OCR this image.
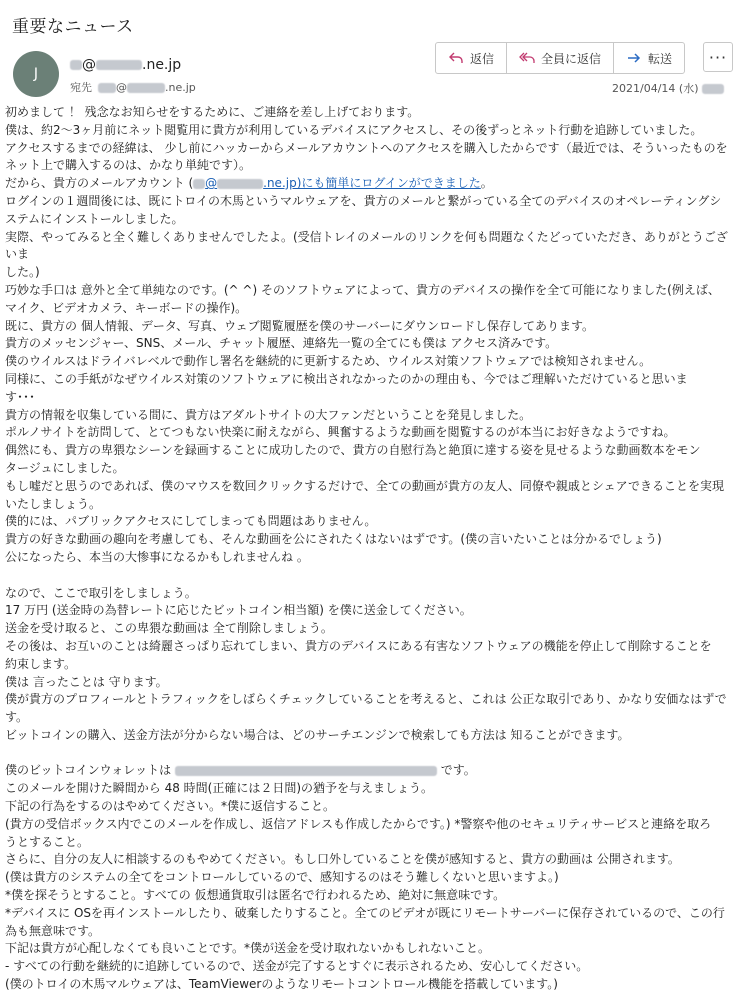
重要なニュース
J
@	.ne.jp
宛先 @	.ne.jp
返信	全員に返信	転送	···
2021/04/14 (水)

初めまして ！ 残念なお知らせをするために、ご連絡を差し上げております。

僕は、約2〜3ヶ月前にネット閲覧用に貴方が利用しているデバイスにアクセスし、その後ずっとネット行動を追跡していました。

アクセスするまでの経緯は、 少し前にハッカーからメールアカウントへのアクセスを購入したからです（最近では、そういったものを

ネット上で購入するのは、かなり単純です）。

だから、貴方のメールアカウント ( @	.ne.jp)にも簡単にログインができました。

ログインの１週間後には、既にトロイの木馬というマルウェアを、貴方のメールと繋がっている全てのデバイスのオペレーティングシ

ステムにインストールしました。

実際、やってみると全く難しくありませんでしたよ。(受信トレイのメールのリンクを何も問題なくたどっていただき、ありがとうございま

した。)

巧妙な手口は 意外と全て単純なのです。(^ ^) そのソフトウェアによって、貴方のデバイスの操作を全て可能になりました(例えば、

マイク、ビデオカメラ、キーボードの操作)。

既に、貴方の 個人情報、データ、写真、ウェブ閲覧履歴を僕のサーバーにダウンロードし保存してあります。

貴方のメッセンジャー、SNS、メール、チャット履歴、連絡先一覧の全てにも僕は アクセス済みです。

僕のウイルスはドライバレベルで動作し署名を継続的に更新するため、ウイルス対策ソフトウェアでは検知されません。

同様に、この手紙がなぜウイルス対策のソフトウェアに検出されなかったのかの理由も、今ではご理解いただけていると思いま

す･･･

貴方の情報を収集している間に、貴方はアダルトサイトの大ファンだということを発見しました。

ポルノサイトを訪問して、とてつもない快楽に耐えながら、興奮するような動画を閲覧するのが本当にお好きなようですね。

偶然にも、貴方の卑猥なシーンを録画することに成功したので、貴方の自慰行為と絶頂に達する姿を見せるような動画数本をモン

タージュにしました。

もし嘘だと思うのであれば、僕のマウスを数回クリックするだけで、全ての動画が貴方の友人、同僚や親戚とシェアできることを実現

いたしましょう。

僕的には、パブリックアクセスにしてしまっても問題はありません。

貴方の好きな動画の趣向を考慮しても、そんな動画を公にされたくはないはずです。(僕の言いたいことは分かるでしょう)

公になったら、本当の大惨事になるかもしれませんね 。

なので、ここで取引をしましょう。

17 万円 (送金時の為替レートに応じたビットコイン相当額) を僕に送金してください。

送金を受け取ると、この卑猥な動画は 全て削除しましょう。

その後は、お互いのことは綺麗さっぱり忘れてしまい、貴方のデバイスにある有害なソフトウェアの機能を停止して削除することを

約束します。

僕は 言ったことは 守ります。

僕が貴方のプロフィールとトラフィックをしばらくチェックしていることを考えると、これは 公正な取引であり、かなり安価なはずです。

ビットコインの購入、送金方法が分からない場合は、どのサーチエンジンで検索しても方法は 知ることができます。

僕のビットコインウォレットは	です。

このメールを開けた瞬間から 48 時間(正確には２日間)の猶予を与えましょう。

下記の行為をするのはやめてください。*僕に返信すること。

(貴方の受信ボックス内でこのメールを作成し、返信アドレスも作成したからです。) *警察や他のセキュリティサービスと連絡を取ろ

うとすること。

さらに、自分の友人に相談するのもやめてください。もし口外していることを僕が感知すると、貴方の動画は 公開されます。

(僕は貴方のシステムの全てをコントロールしているので、感知するのはそう難しくないと思いますよ。)

*僕を探そうとすること。すべての 仮想通貨取引は匿名で行われるため、絶対に無意味です。

*デバイスに OSを再インストールしたり、破棄したりすること。全てのビデオが既にリモートサーバーに保存されているので、この行

為も無意味です。

下記は貴方が心配しなくても良いことです。*僕が送金を受け取れないかもしれないこと。

- すべての行動を継続的に追跡しているので、送金が完了するとすぐに表示されるため、安心してください。

(僕のトロイの木馬マルウェアは、TeamViewerのようなリモートコントロール機能を搭載しています。)
